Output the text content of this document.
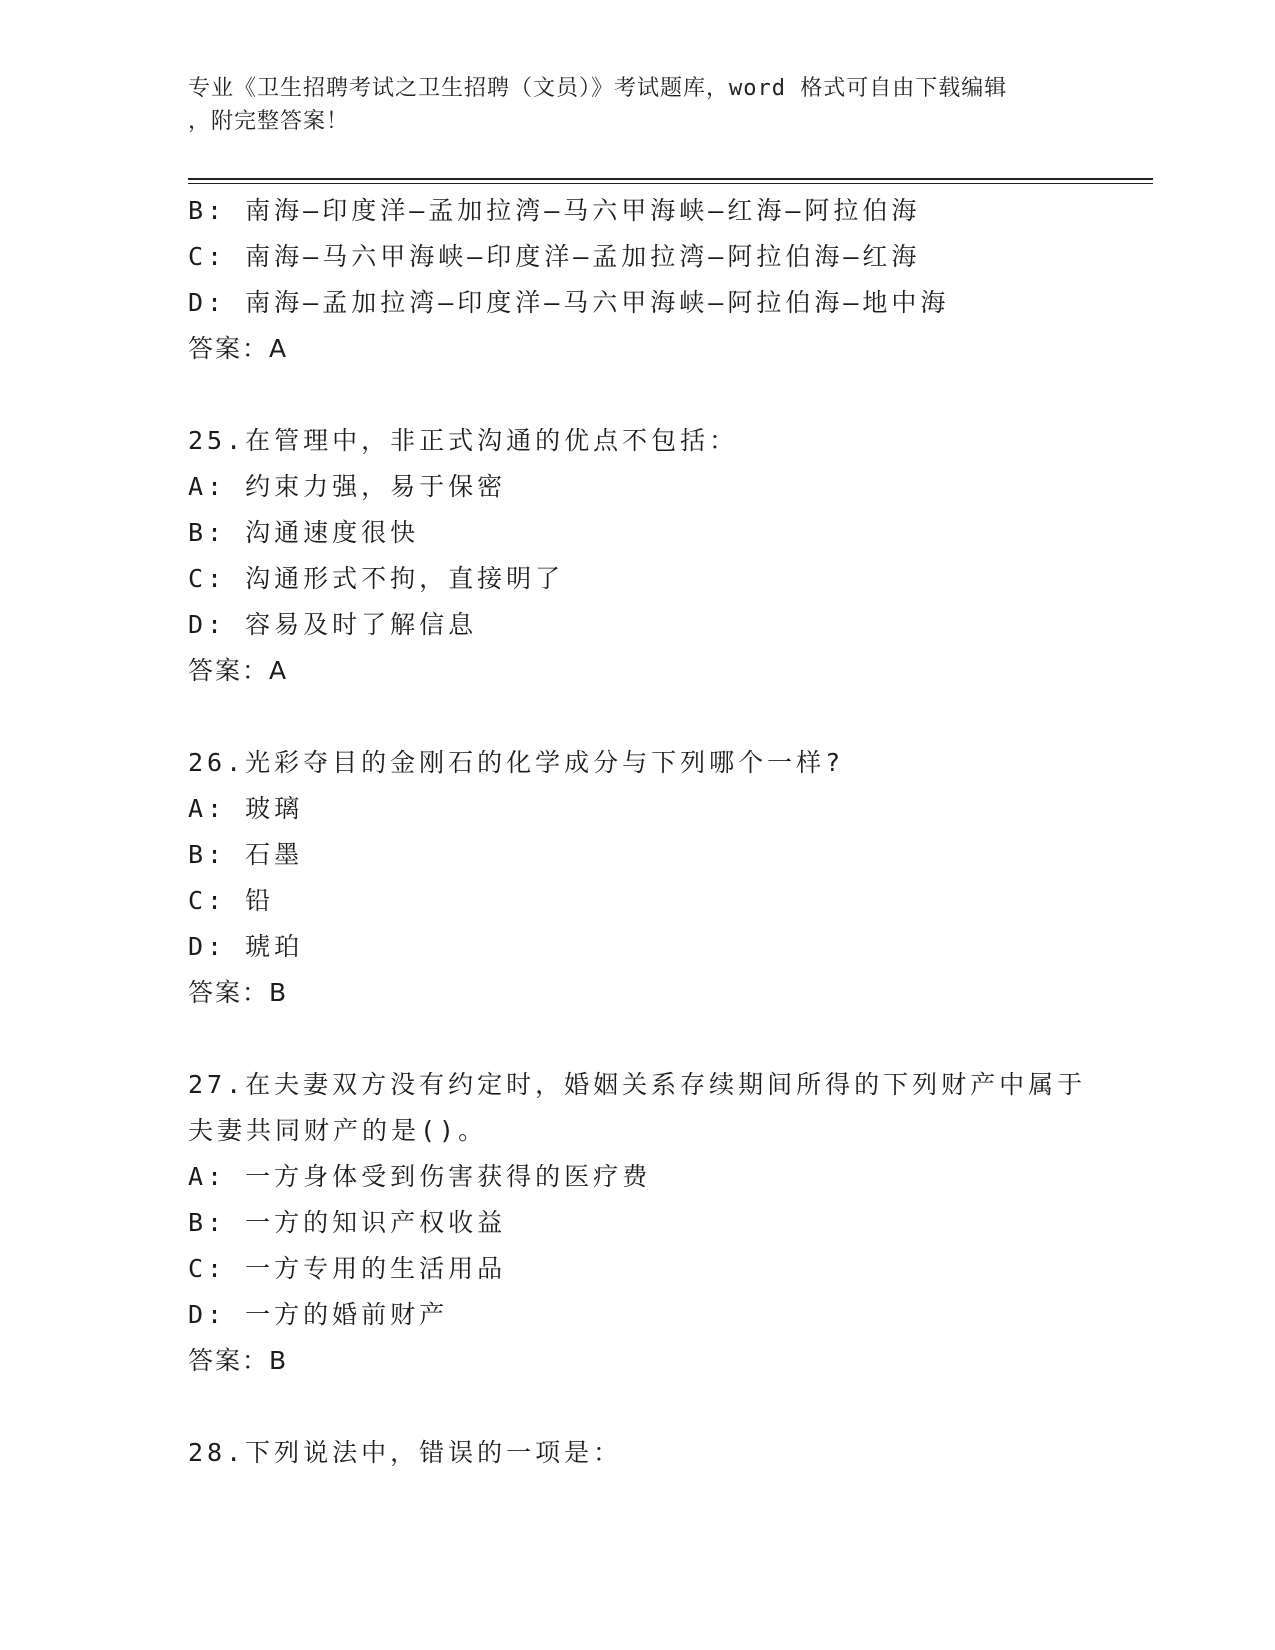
专业《卫生招聘考试之卫生招聘（文员）》考试题库，word 格式可自由下载编辑
，附完整答案！
B: 南海—印度洋—孟加拉湾—马六甲海峡—红海—阿拉伯海
C: 南海—马六甲海峡—印度洋—孟加拉湾—阿拉伯海—红海
D: 南海—孟加拉湾—印度洋—马六甲海峡—阿拉伯海—地中海
答案：A
25.在管理中，非正式沟通的优点不包括：
A: 约束力强，易于保密
B: 沟通速度很快
C: 沟通形式不拘，直接明了
D: 容易及时了解信息
答案：A
26.光彩夺目的金刚石的化学成分与下列哪个一样?
A: 玻璃
B: 石墨
C: 铅
D: 琥珀
答案：B
27.在夫妻双方没有约定时，婚姻关系存续期间所得的下列财产中属于
夫妻共同财产的是()。
A: 一方身体受到伤害获得的医疗费
B: 一方的知识产权收益
C: 一方专用的生活用品
D: 一方的婚前财产
答案：B
28.下列说法中，错误的一项是：
